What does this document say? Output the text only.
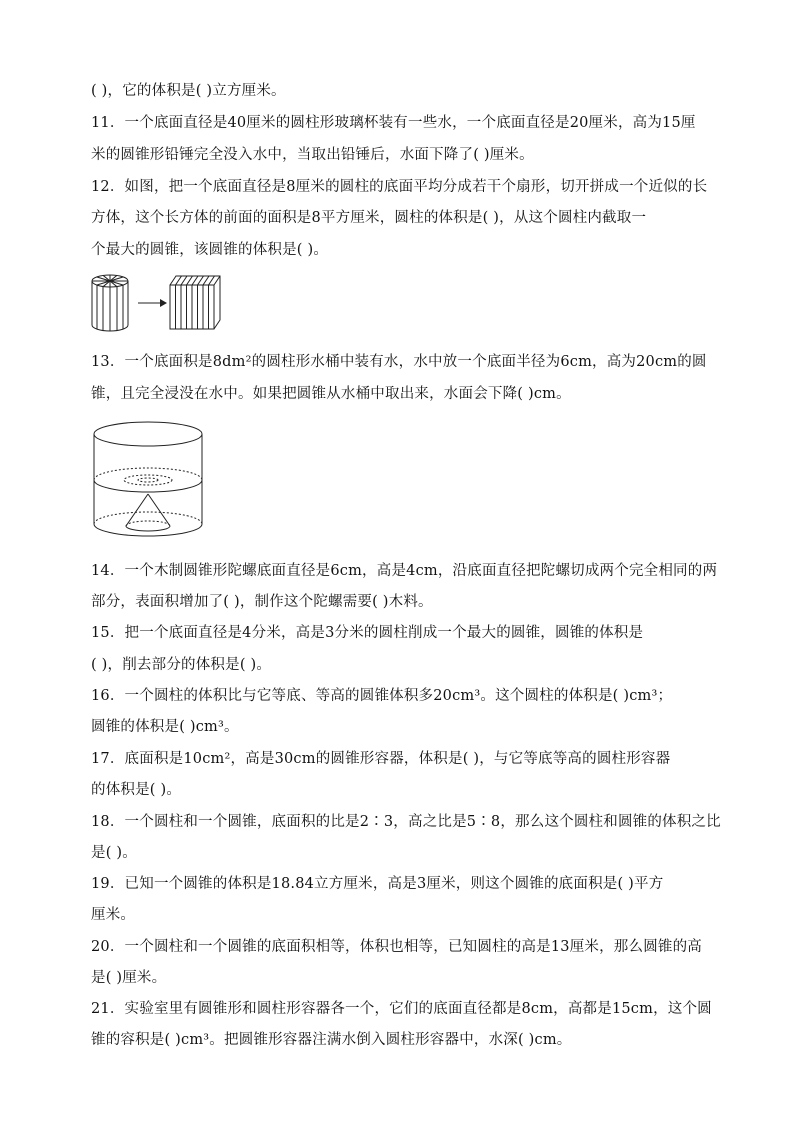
( )，它的体积是( )立方厘米。
11．一个底面直径是40厘米的圆柱形玻璃杯装有一些水，一个底面直径是20厘米，高为15厘
米的圆锥形铅锤完全没入水中，当取出铅锤后，水面下降了( )厘米。
12．如图，把一个底面直径是8厘米的圆柱的底面平均分成若干个扇形，切开拼成一个近似的长
方体，这个长方体的前面的面积是8平方厘米，圆柱的体积是( )，从这个圆柱内截取一
个最大的圆锥，该圆锥的体积是( )。
13．一个底面积是8dm²的圆柱形水桶中装有水，水中放一个底面半径为6cm，高为20cm的圆
锥，且完全浸没在水中。如果把圆锥从水桶中取出来，水面会下降( )cm。
14．一个木制圆锥形陀螺底面直径是6cm，高是4cm，沿底面直径把陀螺切成两个完全相同的两
部分，表面积增加了( )，制作这个陀螺需要( )木料。
15．把一个底面直径是4分米，高是3分米的圆柱削成一个最大的圆锥，圆锥的体积是
( )，削去部分的体积是( )。
16．一个圆柱的体积比与它等底、等高的圆锥体积多20cm³。这个圆柱的体积是( )cm³；
圆锥的体积是( )cm³。
17．底面积是10cm²，高是30cm的圆锥形容器，体积是( )，与它等底等高的圆柱形容器
的体积是( )。
18．一个圆柱和一个圆锥，底面积的比是2∶3，高之比是5∶8，那么这个圆柱和圆锥的体积之比
是( )。
19．已知一个圆锥的体积是18.84立方厘米，高是3厘米，则这个圆锥的底面积是( )平方
厘米。
20．一个圆柱和一个圆锥的底面积相等，体积也相等，已知圆柱的高是13厘米，那么圆锥的高
是( )厘米。
21．实验室里有圆锥形和圆柱形容器各一个，它们的底面直径都是8cm，高都是15cm，这个圆
锥的容积是( )cm³。把圆锥形容器注满水倒入圆柱形容器中，水深( )cm。
